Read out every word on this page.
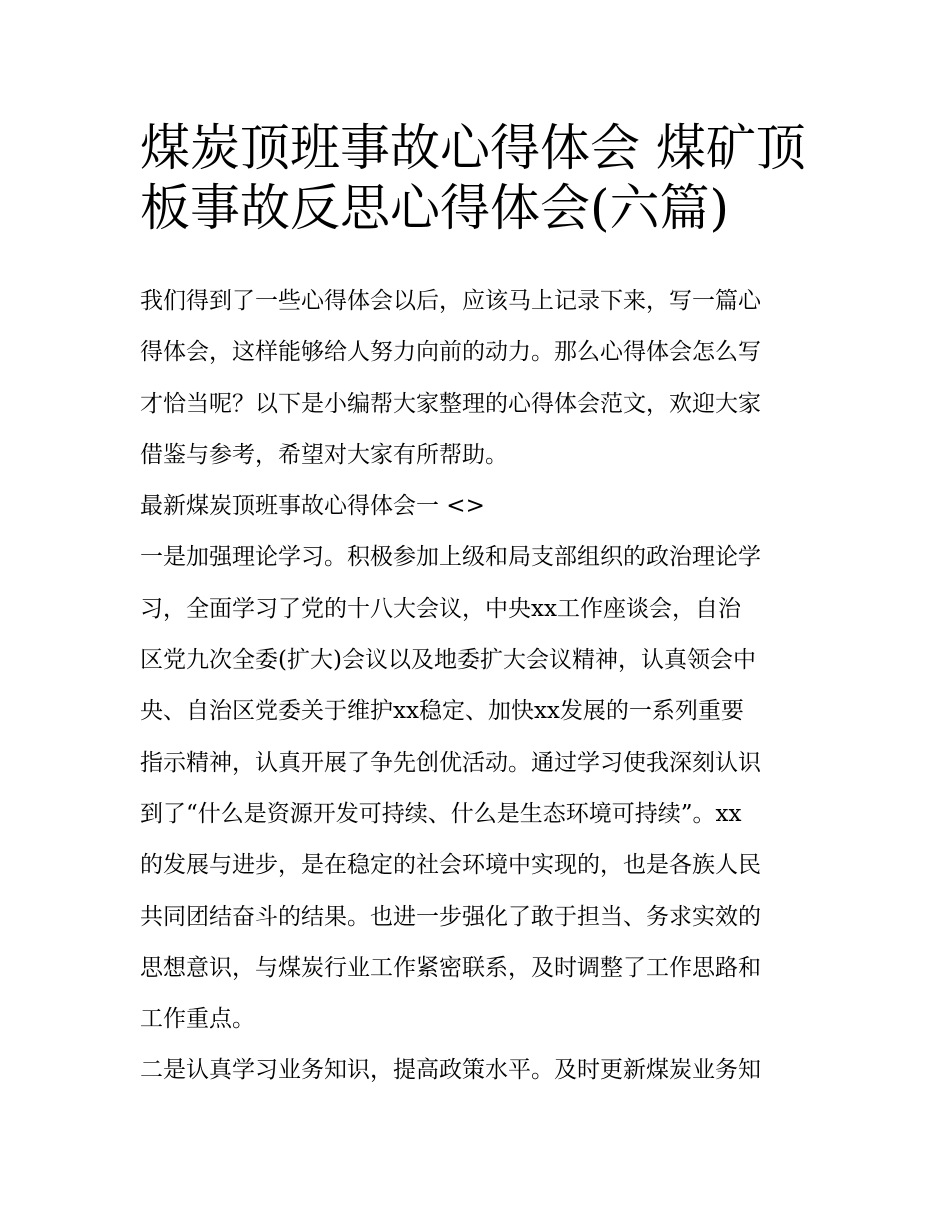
煤炭顶班事故心得体会 煤矿顶
板事故反思心得体会(六篇)
我们得到了一些心得体会以后，应该马上记录下来，写一篇心
得体会，这样能够给人努力向前的动力。那么心得体会怎么写
才恰当呢？以下是小编帮大家整理的心得体会范文，欢迎大家
借鉴与参考，希望对大家有所帮助。
最新煤炭顶班事故心得体会一 <>
一是加强理论学习。积极参加上级和局支部组织的政治理论学
习，全面学习了党的十八大会议，中央xx工作座谈会，自治
区党九次全委(扩大)会议以及地委扩大会议精神，认真领会中
央、自治区党委关于维护xx稳定、加快xx发展的一系列重要
指示精神，认真开展了争先创优活动。通过学习使我深刻认识
到了“什么是资源开发可持续、什么是生态环境可持续”。xx
的发展与进步，是在稳定的社会环境中实现的，也是各族人民
共同团结奋斗的结果。也进一步强化了敢于担当、务求实效的
思想意识，与煤炭行业工作紧密联系，及时调整了工作思路和
工作重点。
二是认真学习业务知识，提高政策水平。及时更新煤炭业务知
